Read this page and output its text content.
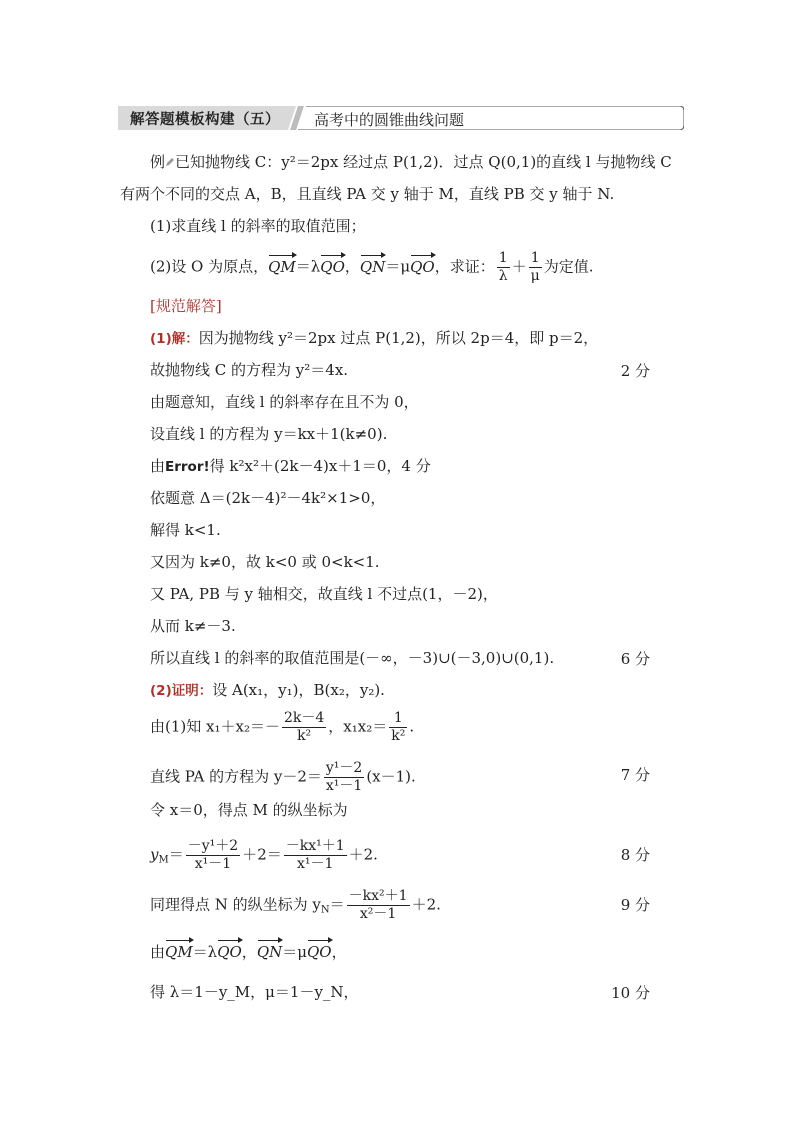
解答题模板构建（五） 高考中的圆锥曲线问题
例 已知抛物线 C：y²＝2px 经过点 P(1,2)．过点 Q(0,1)的直线 l 与抛物线 C
有两个不同的交点 A，B，且直线 PA 交 y 轴于 M，直线 PB 交 y 轴于 N.
(1)求直线 l 的斜率的取值范围；
(2)设 O 为原点，QM＝λQO，QN＝μQO，求证： $\frac{1}{\lambda} + \frac{1}{\mu}$ 为定值.
[规范解答]
(1)解：因为抛物线 y²＝2px 过点 P(1,2)，所以 2p＝4，即 p＝2，
故抛物线 C 的方程为 y²＝4x.	2 分
由题意知，直线 l 的斜率存在且不为 0，
设直线 l 的方程为 y＝kx＋1(k≠0).
由Error!得 k²x²＋(2k－4)x＋1＝0，4 分
依题意 Δ＝(2k－4)²－4k²×1>0，
解得 k<1.
又因为 k≠0，故 k<0 或 0<k<1.
又 PA, PB 与 y 轴相交，故直线 l 不过点(1，－2)，
从而 k≠－3.
所以直线 l 的斜率的取值范围是(－∞，－3)∪(－3,0)∪(0,1).	6 分
(2)证明：设 A(x₁，y₁)，B(x₂，y₂).
由(1)知 $x_1+x_2=- \frac{2k-4}{\text{k²}}$ ，$x_1x_2= \frac{1}{\text{k²}}$ .
直线 PA 的方程为 $y-2= \frac{\text{y¹－2}}{\text{x¹－1}} (x-1)$.	7 分
令 x＝0，得点 M 的纵坐标为
$y_M= \frac{\text{－y¹＋2}}{\text{x¹－1}} +2= \frac{\text{－kx¹＋1}}{\text{x¹－1}} +2$.	8 分
同理得点 N 的纵坐标为 $y_N= \frac{\text{－kx²＋1}}{\text{x²－1}} +2$.	9 分
由QM＝λQO，QN＝μQO，
得 λ＝1－y_M，μ＝1－y_N，	10 分
